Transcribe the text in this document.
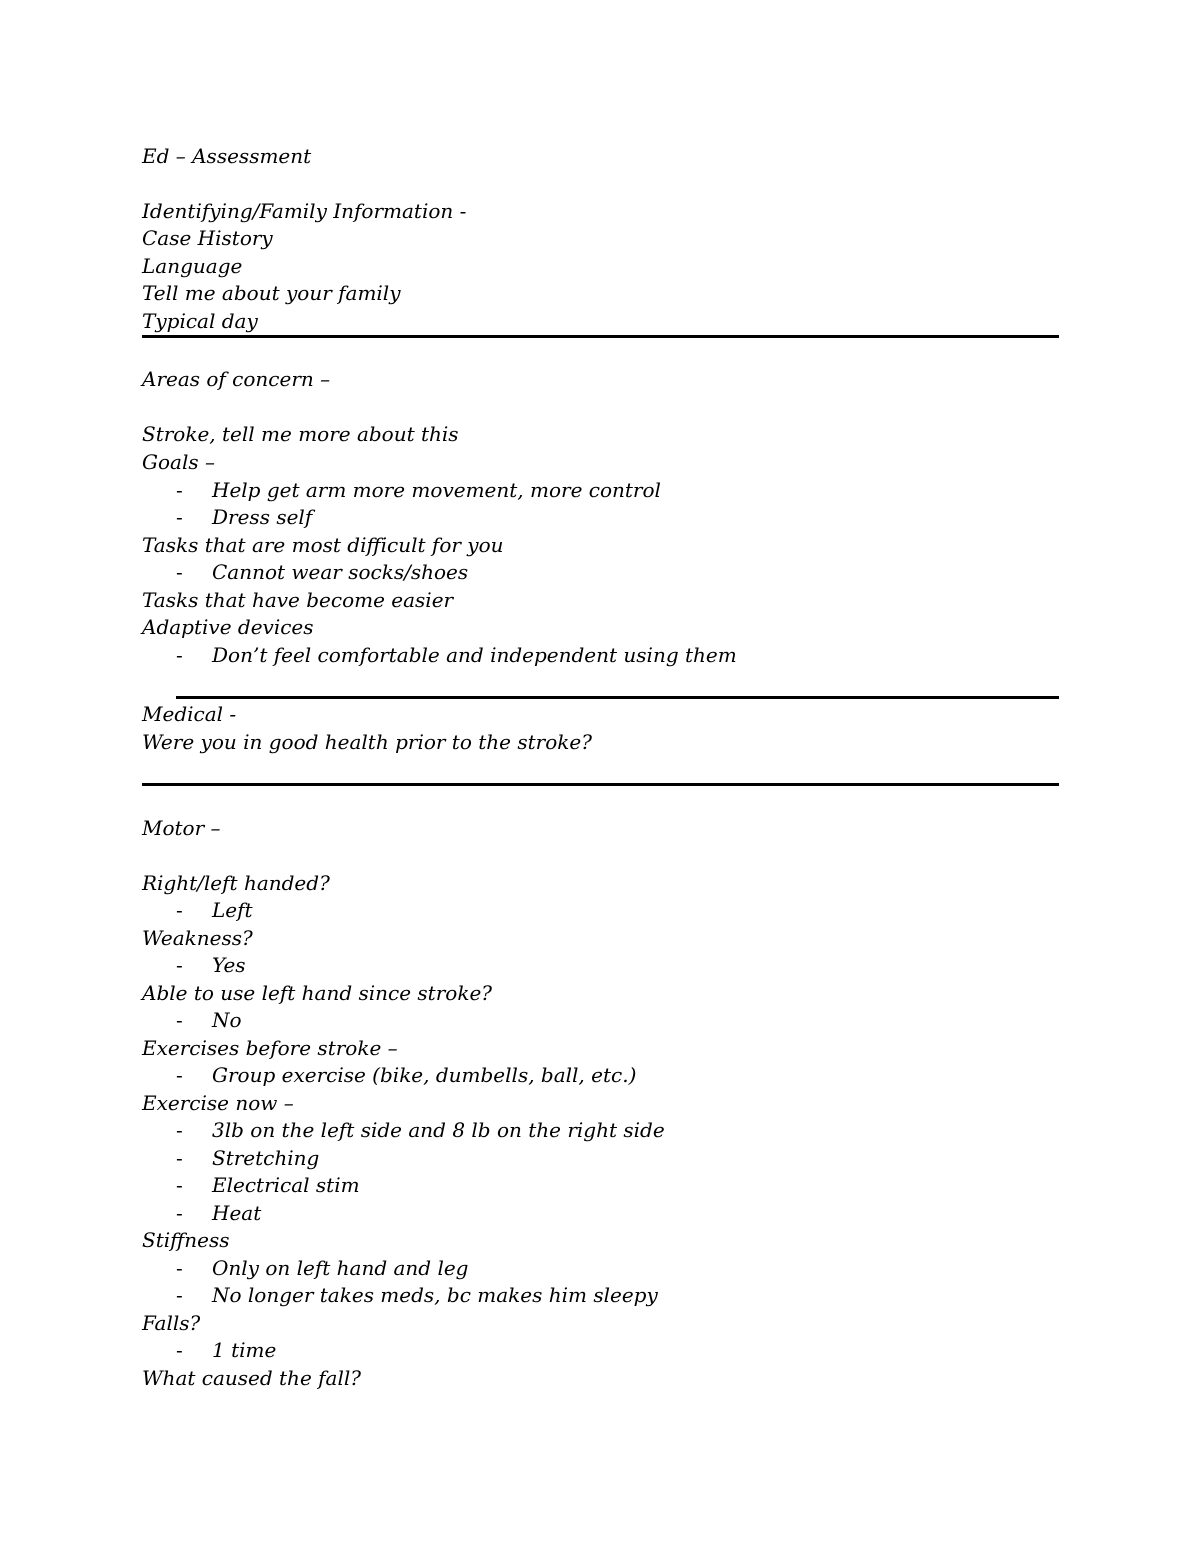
Ed – Assessment
Identifying/Family Information -
Case History
Language
Tell me about your family
Typical day
Areas of concern –
Stroke, tell me more about this
Goals –
- Help get arm more movement, more control
- Dress self
Tasks that are most difficult for you
- Cannot wear socks/shoes
Tasks that have become easier
Adaptive devices
- Don’t feel comfortable and independent using them
Medical -
Were you in good health prior to the stroke?
Motor –
Right/left handed?
- Left
Weakness?
- Yes
Able to use left hand since stroke?
- No
Exercises before stroke –
- Group exercise (bike, dumbells, ball, etc.)
Exercise now –
- 3lb on the left side and 8 lb on the right side
- Stretching
- Electrical stim
- Heat
Stiffness
- Only on left hand and leg
- No longer takes meds, bc makes him sleepy
Falls?
- 1 time
What caused the fall?
